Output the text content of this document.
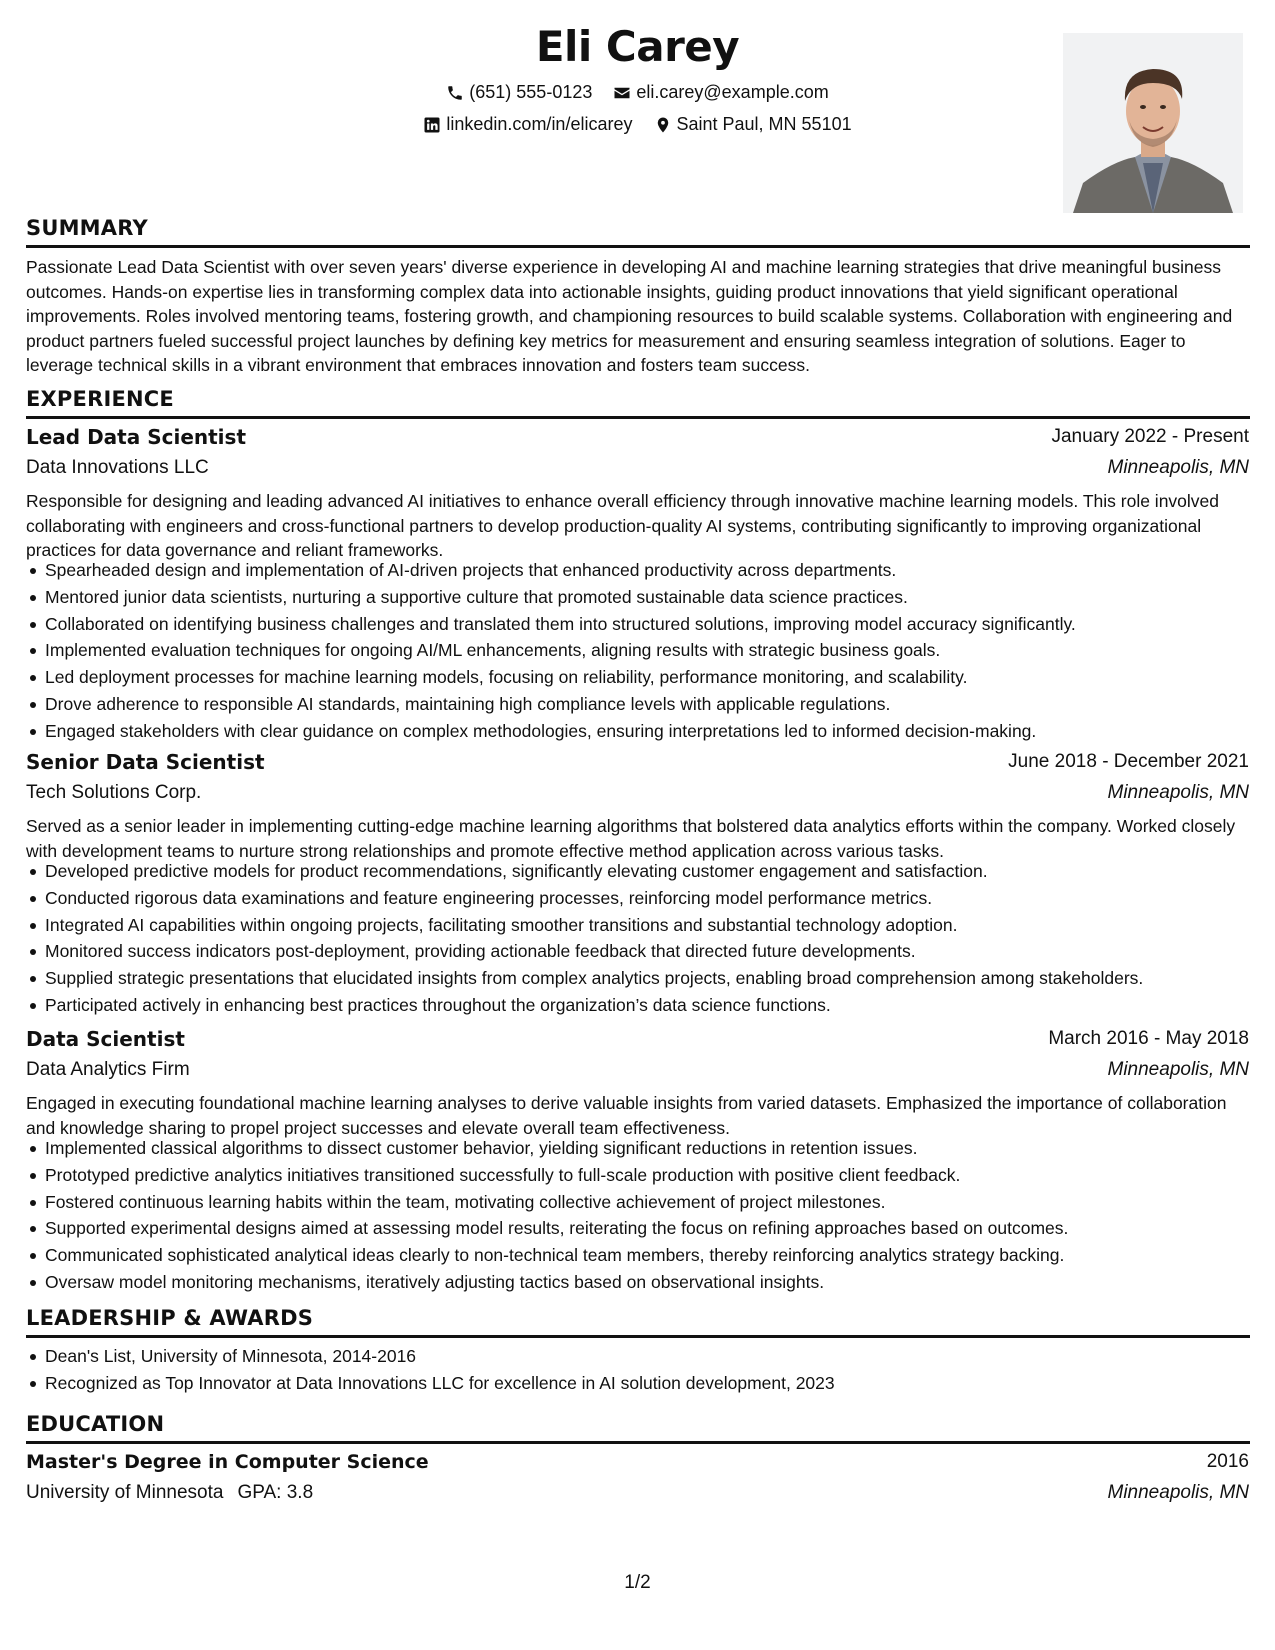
Eli Carey
(651) 555-0123
eli.carey@example.com
linkedin.com/in/elicarey
Saint Paul, MN 55101
SUMMARY
Passionate Lead Data Scientist with over seven years' diverse experience in developing AI and machine learning strategies that drive meaningful business outcomes. Hands-on expertise lies in transforming complex data into actionable insights, guiding product innovations that yield significant operational improvements. Roles involved mentoring teams, fostering growth, and championing resources to build scalable systems. Collaboration with engineering and product partners fueled successful project launches by defining key metrics for measurement and ensuring seamless integration of solutions. Eager to leverage technical skills in a vibrant environment that embraces innovation and fosters team success.
EXPERIENCE
Lead Data Scientist	January 2022 - Present
Data Innovations LLC	Minneapolis, MN
Responsible for designing and leading advanced AI initiatives to enhance overall efficiency through innovative machine learning models. This role involved collaborating with engineers and cross-functional partners to develop production-quality AI systems, contributing significantly to improving organizational practices for data governance and reliant frameworks.
Spearheaded design and implementation of AI-driven projects that enhanced productivity across departments.
Mentored junior data scientists, nurturing a supportive culture that promoted sustainable data science practices.
Collaborated on identifying business challenges and translated them into structured solutions, improving model accuracy significantly.
Implemented evaluation techniques for ongoing AI/ML enhancements, aligning results with strategic business goals.
Led deployment processes for machine learning models, focusing on reliability, performance monitoring, and scalability.
Drove adherence to responsible AI standards, maintaining high compliance levels with applicable regulations.
Engaged stakeholders with clear guidance on complex methodologies, ensuring interpretations led to informed decision-making.
Senior Data Scientist	June 2018 - December 2021
Tech Solutions Corp.	Minneapolis, MN
Served as a senior leader in implementing cutting-edge machine learning algorithms that bolstered data analytics efforts within the company. Worked closely with development teams to nurture strong relationships and promote effective method application across various tasks.
Developed predictive models for product recommendations, significantly elevating customer engagement and satisfaction.
Conducted rigorous data examinations and feature engineering processes, reinforcing model performance metrics.
Integrated AI capabilities within ongoing projects, facilitating smoother transitions and substantial technology adoption.
Monitored success indicators post-deployment, providing actionable feedback that directed future developments.
Supplied strategic presentations that elucidated insights from complex analytics projects, enabling broad comprehension among stakeholders.
Participated actively in enhancing best practices throughout the organization’s data science functions.
Data Scientist	March 2016 - May 2018
Data Analytics Firm	Minneapolis, MN
Engaged in executing foundational machine learning analyses to derive valuable insights from varied datasets. Emphasized the importance of collaboration and knowledge sharing to propel project successes and elevate overall team effectiveness.
Implemented classical algorithms to dissect customer behavior, yielding significant reductions in retention issues.
Prototyped predictive analytics initiatives transitioned successfully to full-scale production with positive client feedback.
Fostered continuous learning habits within the team, motivating collective achievement of project milestones.
Supported experimental designs aimed at assessing model results, reiterating the focus on refining approaches based on outcomes.
Communicated sophisticated analytical ideas clearly to non-technical team members, thereby reinforcing analytics strategy backing.
Oversaw model monitoring mechanisms, iteratively adjusting tactics based on observational insights.
LEADERSHIP & AWARDS
Dean's List, University of Minnesota, 2014-2016
Recognized as Top Innovator at Data Innovations LLC for excellence in AI solution development, 2023
EDUCATION
Master's Degree in Computer Science	2016
University of Minnesota GPA: 3.8	Minneapolis, MN
1/2
